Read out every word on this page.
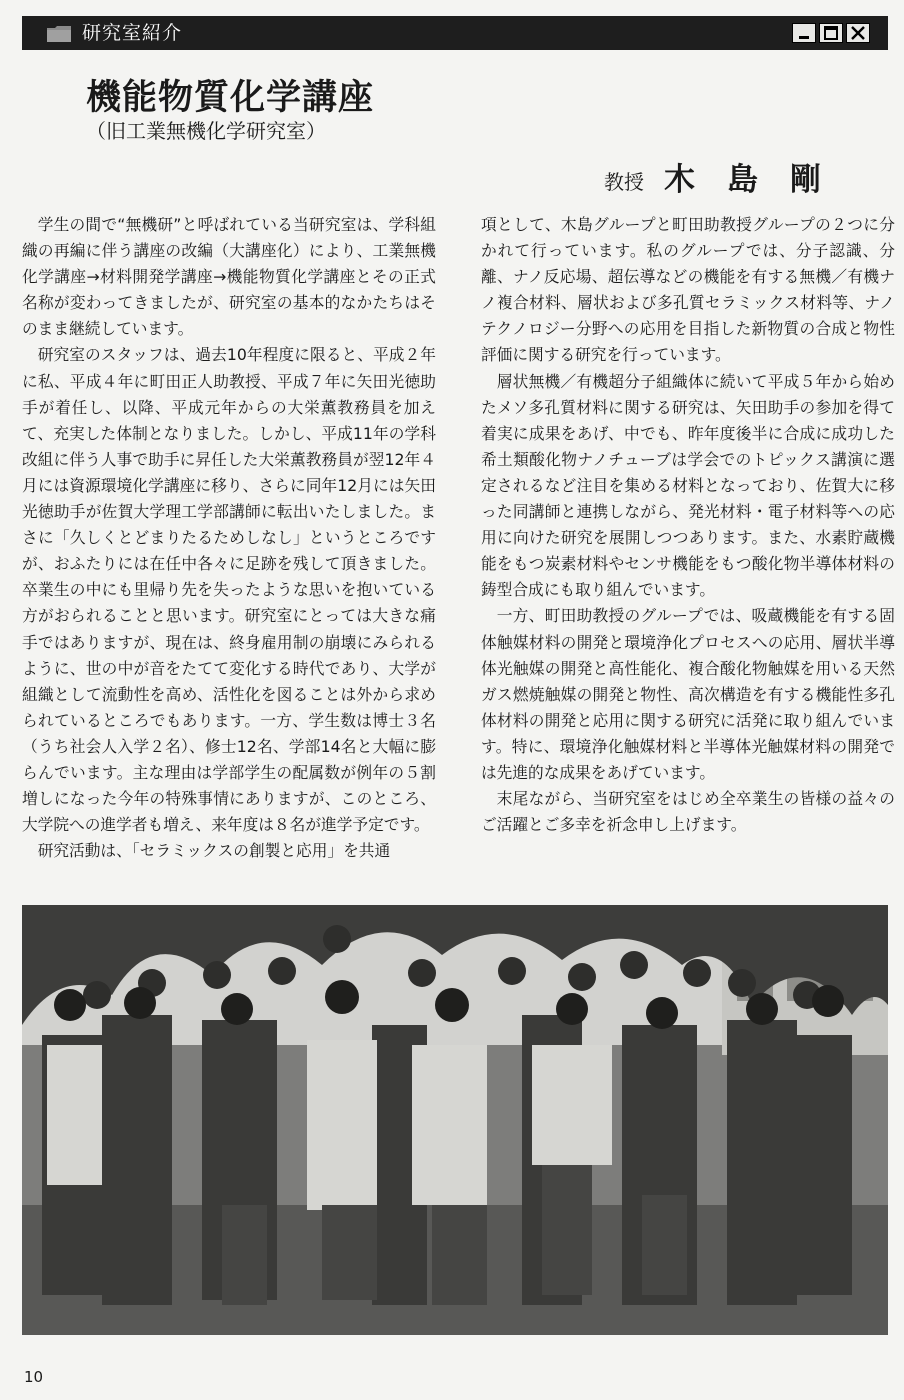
研究室紹介
機能物質化学講座
（旧工業無機化学研究室）
教授 木島剛

学生の間で“無機研”と呼ばれている当研究室は、学科組織の再編に伴う講座の改編（大講座化）により、工業無機化学講座→材料開発学講座→機能物質化学講座とその正式名称が変わってきましたが、研究室の基本的なかたちはそのまま継続しています。

研究室のスタッフは、過去10年程度に限ると、平成２年に私、平成４年に町田正人助教授、平成７年に矢田光徳助手が着任し、以降、平成元年からの大栄薫教務員を加えて、充実した体制となりました。しかし、平成11年の学科改組に伴う人事で助手に昇任した大栄薫教務員が翌12年４月には資源環境化学講座に移り、さらに同年12月には矢田光徳助手が佐賀大学理工学部講師に転出いたしました。まさに「久しくとどまりたるためしなし」というところですが、おふたりには在任中各々に足跡を残して頂きました。卒業生の中にも里帰り先を失ったような思いを抱いている方がおられることと思います。研究室にとっては大きな痛手ではありますが、現在は、終身雇用制の崩壊にみられるように、世の中が音をたてて変化する時代であり、大学が組織として流動性を高め、活性化を図ることは外から求められているところでもあります。一方、学生数は博士３名（うち社会人入学２名）、修士12名、学部14名と大幅に膨らんでいます。主な理由は学部学生の配属数が例年の５割増しになった今年の特殊事情にありますが、このところ、大学院への進学者も増え、来年度は８名が進学予定です。

研究活動は、「セラミックスの創製と応用」を共通

項として、木島グループと町田助教授グループの２つに分かれて行っています。私のグループでは、分子認識、分離、ナノ反応場、超伝導などの機能を有する無機／有機ナノ複合材料、層状および多孔質セラミックス材料等、ナノテクノロジー分野への応用を目指した新物質の合成と物性評価に関する研究を行っています。

層状無機／有機超分子組織体に続いて平成５年から始めたメソ多孔質材料に関する研究は、矢田助手の参加を得て着実に成果をあげ、中でも、昨年度後半に合成に成功した希土類酸化物ナノチューブは学会でのトピックス講演に選定されるなど注目を集める材料となっており、佐賀大に移った同講師と連携しながら、発光材料・電子材料等への応用に向けた研究を展開しつつあります。また、水素貯蔵機能をもつ炭素材料やセンサ機能をもつ酸化物半導体材料の鋳型合成にも取り組んでいます。

一方、町田助教授のグループでは、吸蔵機能を有する固体触媒材料の開発と環境浄化プロセスへの応用、層状半導体光触媒の開発と高性能化、複合酸化物触媒を用いる天然ガス燃焼触媒の開発と物性、高次構造を有する機能性多孔体材料の開発と応用に関する研究に活発に取り組んでいます。特に、環境浄化触媒材料と半導体光触媒材料の開発では先進的な成果をあげています。

末尾ながら、当研究室をはじめ全卒業生の皆様の益々のご活躍とご多幸を祈念申し上げます。

10
